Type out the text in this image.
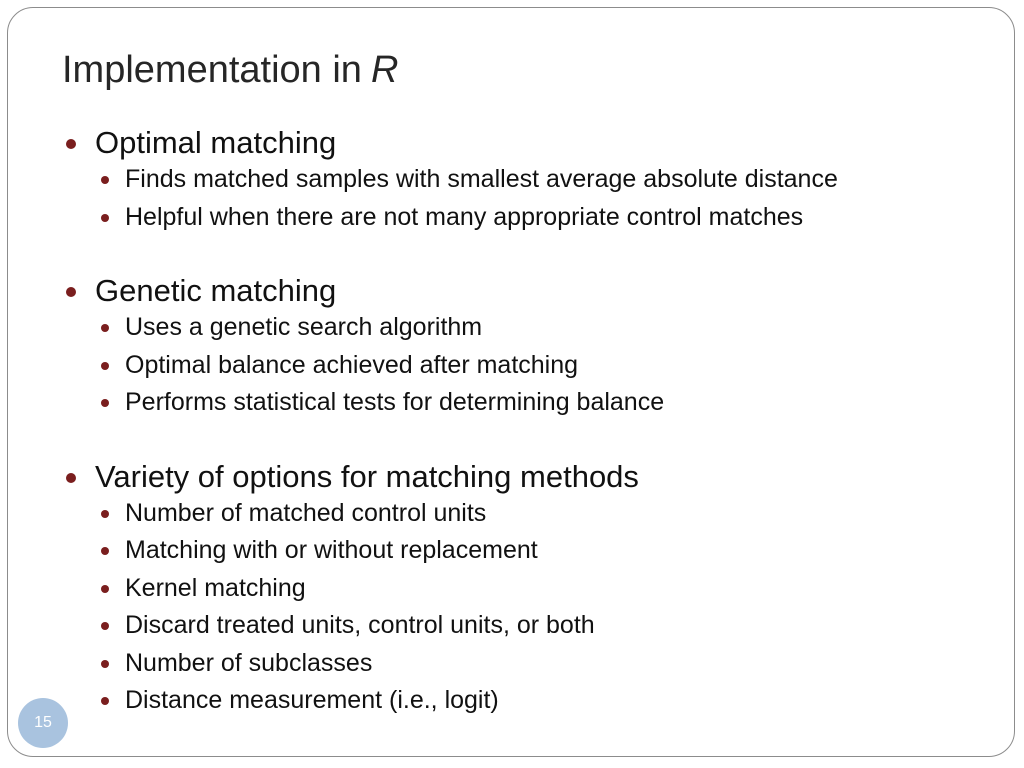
Implementation in R
Optimal matching
Finds matched samples with smallest average absolute distance
Helpful when there are not many appropriate control matches
Genetic matching
Uses a genetic search algorithm
Optimal balance achieved after matching
Performs statistical tests for determining balance
Variety of options for matching methods
Number of matched control units
Matching with or without replacement
Kernel matching
Discard treated units, control units, or both
Number of subclasses
Distance measurement (i.e., logit)
15
